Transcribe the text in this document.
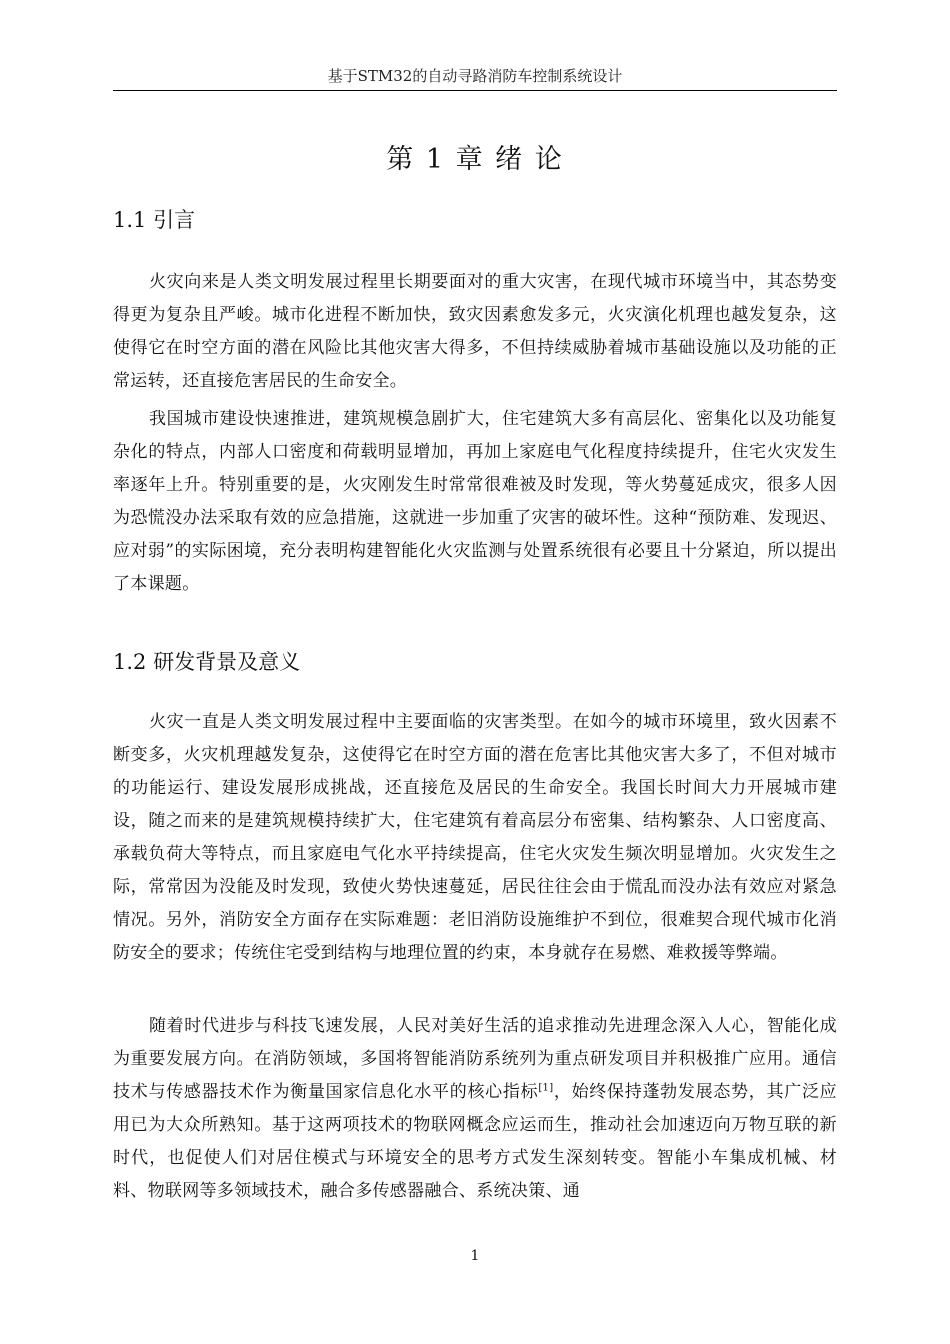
基于STM32的自动寻路消防车控制系统设计
第 1 章 绪 论
1.1 引言

火灾向来是人类文明发展过程里长期要面对的重大灾害，在现代城市环境当中，其态势变得更为复杂且严峻。城市化进程不断加快，致灾因素愈发多元，火灾演化机理也越发复杂，这使得它在时空方面的潜在风险比其他灾害大得多，不但持续威胁着城市基础设施以及功能的正常运转，还直接危害居民的生命安全。

我国城市建设快速推进，建筑规模急剧扩大，住宅建筑大多有高层化、密集化以及功能复杂化的特点，内部人口密度和荷载明显增加，再加上家庭电气化程度持续提升，住宅火灾发生率逐年上升。特别重要的是，火灾刚发生时常常很难被及时发现，等火势蔓延成灾，很多人因为恐慌没办法采取有效的应急措施，这就进一步加重了灾害的破坏性。这种“预防难、发现迟、应对弱”的实际困境，充分表明构建智能化火灾监测与处置系统很有必要且十分紧迫，所以提出了本课题。

1.2 研发背景及意义

火灾一直是人类文明发展过程中主要面临的灾害类型。在如今的城市环境里，致火因素不断变多，火灾机理越发复杂，这使得它在时空方面的潜在危害比其他灾害大多了，不但对城市的功能运行、建设发展形成挑战，还直接危及居民的生命安全。我国长时间大力开展城市建设，随之而来的是建筑规模持续扩大，住宅建筑有着高层分布密集、结构繁杂、人口密度高、承载负荷大等特点，而且家庭电气化水平持续提高，住宅火灾发生频次明显增加。火灾发生之际，常常因为没能及时发现，致使火势快速蔓延，居民往往会由于慌乱而没办法有效应对紧急情况。另外，消防安全方面存在实际难题：老旧消防设施维护不到位，很难契合现代城市化消防安全的要求；传统住宅受到结构与地理位置的约束，本身就存在易燃、难救援等弊端。

随着时代进步与科技飞速发展，人民对美好生活的追求推动先进理念深入人心，智能化成为重要发展方向。在消防领域，多国将智能消防系统列为重点研发项目并积极推广应用。通信技术与传感器技术作为衡量国家信息化水平的核心指标[1]，始终保持蓬勃发展态势，其广泛应用已为大众所熟知。基于这两项技术的物联网概念应运而生，推动社会加速迈向万物互联的新时代，也促使人们对居住模式与环境安全的思考方式发生深刻转变。智能小车集成机械、材料、物联网等多领域技术，融合多传感器融合、系统决策、通

1
